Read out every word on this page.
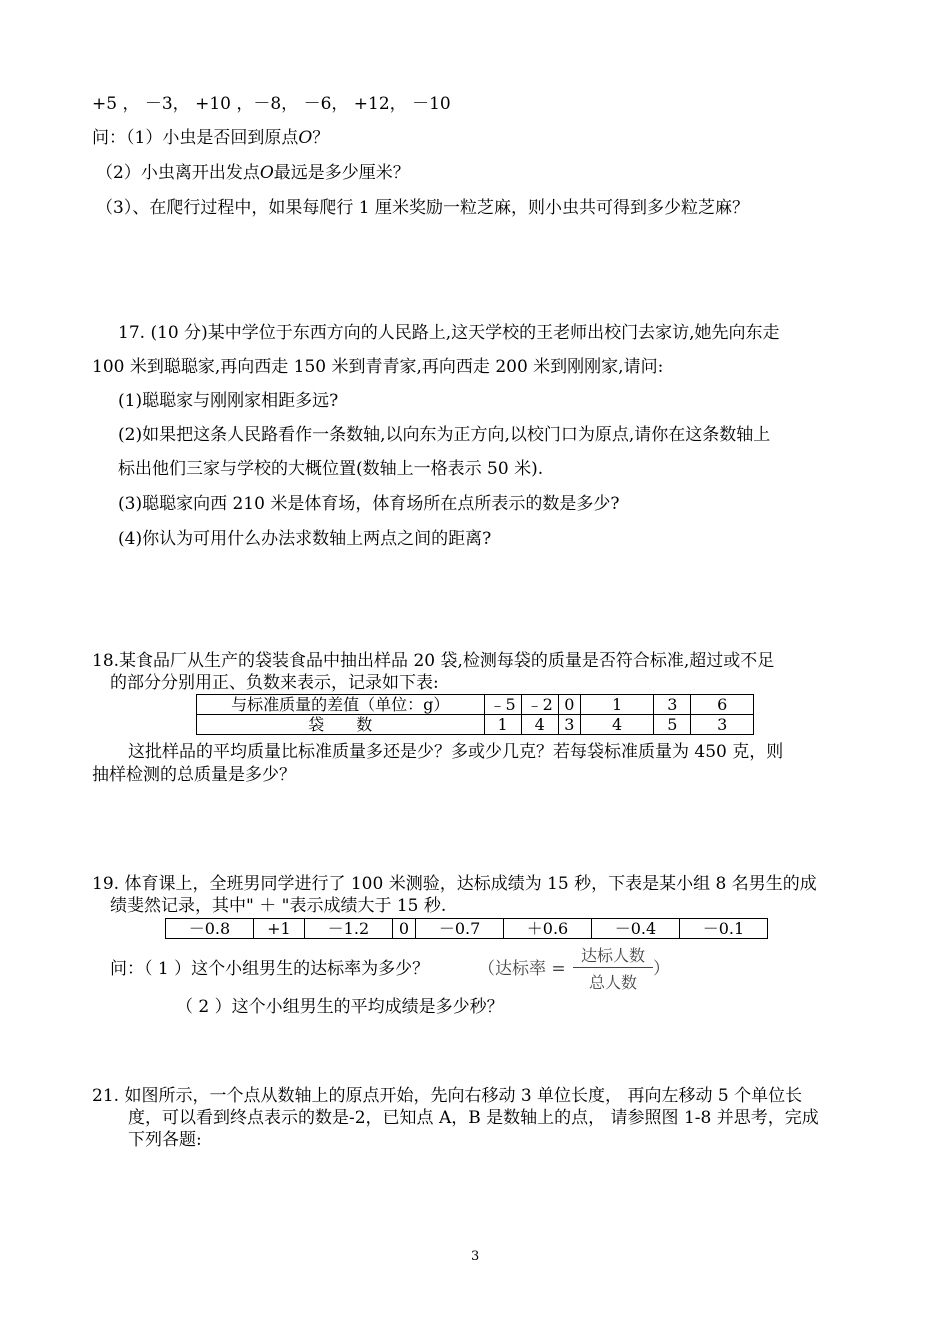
+5 ， －3， +10 ，－8， －6， +12， －10
问：（1）小虫是否回到原点O？
（2）小虫离开出发点O最远是多少厘米？
（3）、在爬行过程中，如果每爬行 1 厘米奖励一粒芝麻，则小虫共可得到多少粒芝麻？
17. (10 分)某中学位于东西方向的人民路上,这天学校的王老师出校门去家访,她先向东走
100 米到聪聪家,再向西走 150 米到青青家,再向西走 200 米到刚刚家,请问:
(1)聪聪家与刚刚家相距多远?
(2)如果把这条人民路看作一条数轴,以向东为正方向,以校门口为原点,请你在这条数轴上
标出他们三家与学校的大概位置(数轴上一格表示 50 米).
(3)聪聪家向西 210 米是体育场，体育场所在点所表示的数是多少?
(4)你认为可用什么办法求数轴上两点之间的距离?
18.某食品厂从生产的袋装食品中抽出样品 20 袋,检测每袋的质量是否符合标准,超过或不足
的部分分别用正、负数来表示，记录如下表:
与标准质量的差值（单位：g）	﹣5	﹣2	0	1	3	6
袋　　数	1	4	3	4	5	3
这批样品的平均质量比标准质量多还是少？多或少几克？若每袋标准质量为 450 克，则
抽样检测的总质量是多少？
19. 体育课上，全班男同学进行了 100 米测验，达标成绩为 15 秒，下表是某小组 8 名男生的成
绩斐然记录，其中" ＋ "表示成绩大于 15 秒.
－0.8	+1	－1.2	0	－0.7	＋0.6	－0.4	－0.1
问：（ 1 ）这个小组男生的达标率为多少？	（达标率 =
达标人数
总人数
）
（ 2 ）这个小组男生的平均成绩是多少秒？
21. 如图所示，一个点从数轴上的原点开始，先向右移动 3 单位长度， 再向左移动 5 个单位长
度，可以看到终点表示的数是-2，已知点 A，B 是数轴上的点， 请参照图 1-8 并思考，完成
下列各题:
3
